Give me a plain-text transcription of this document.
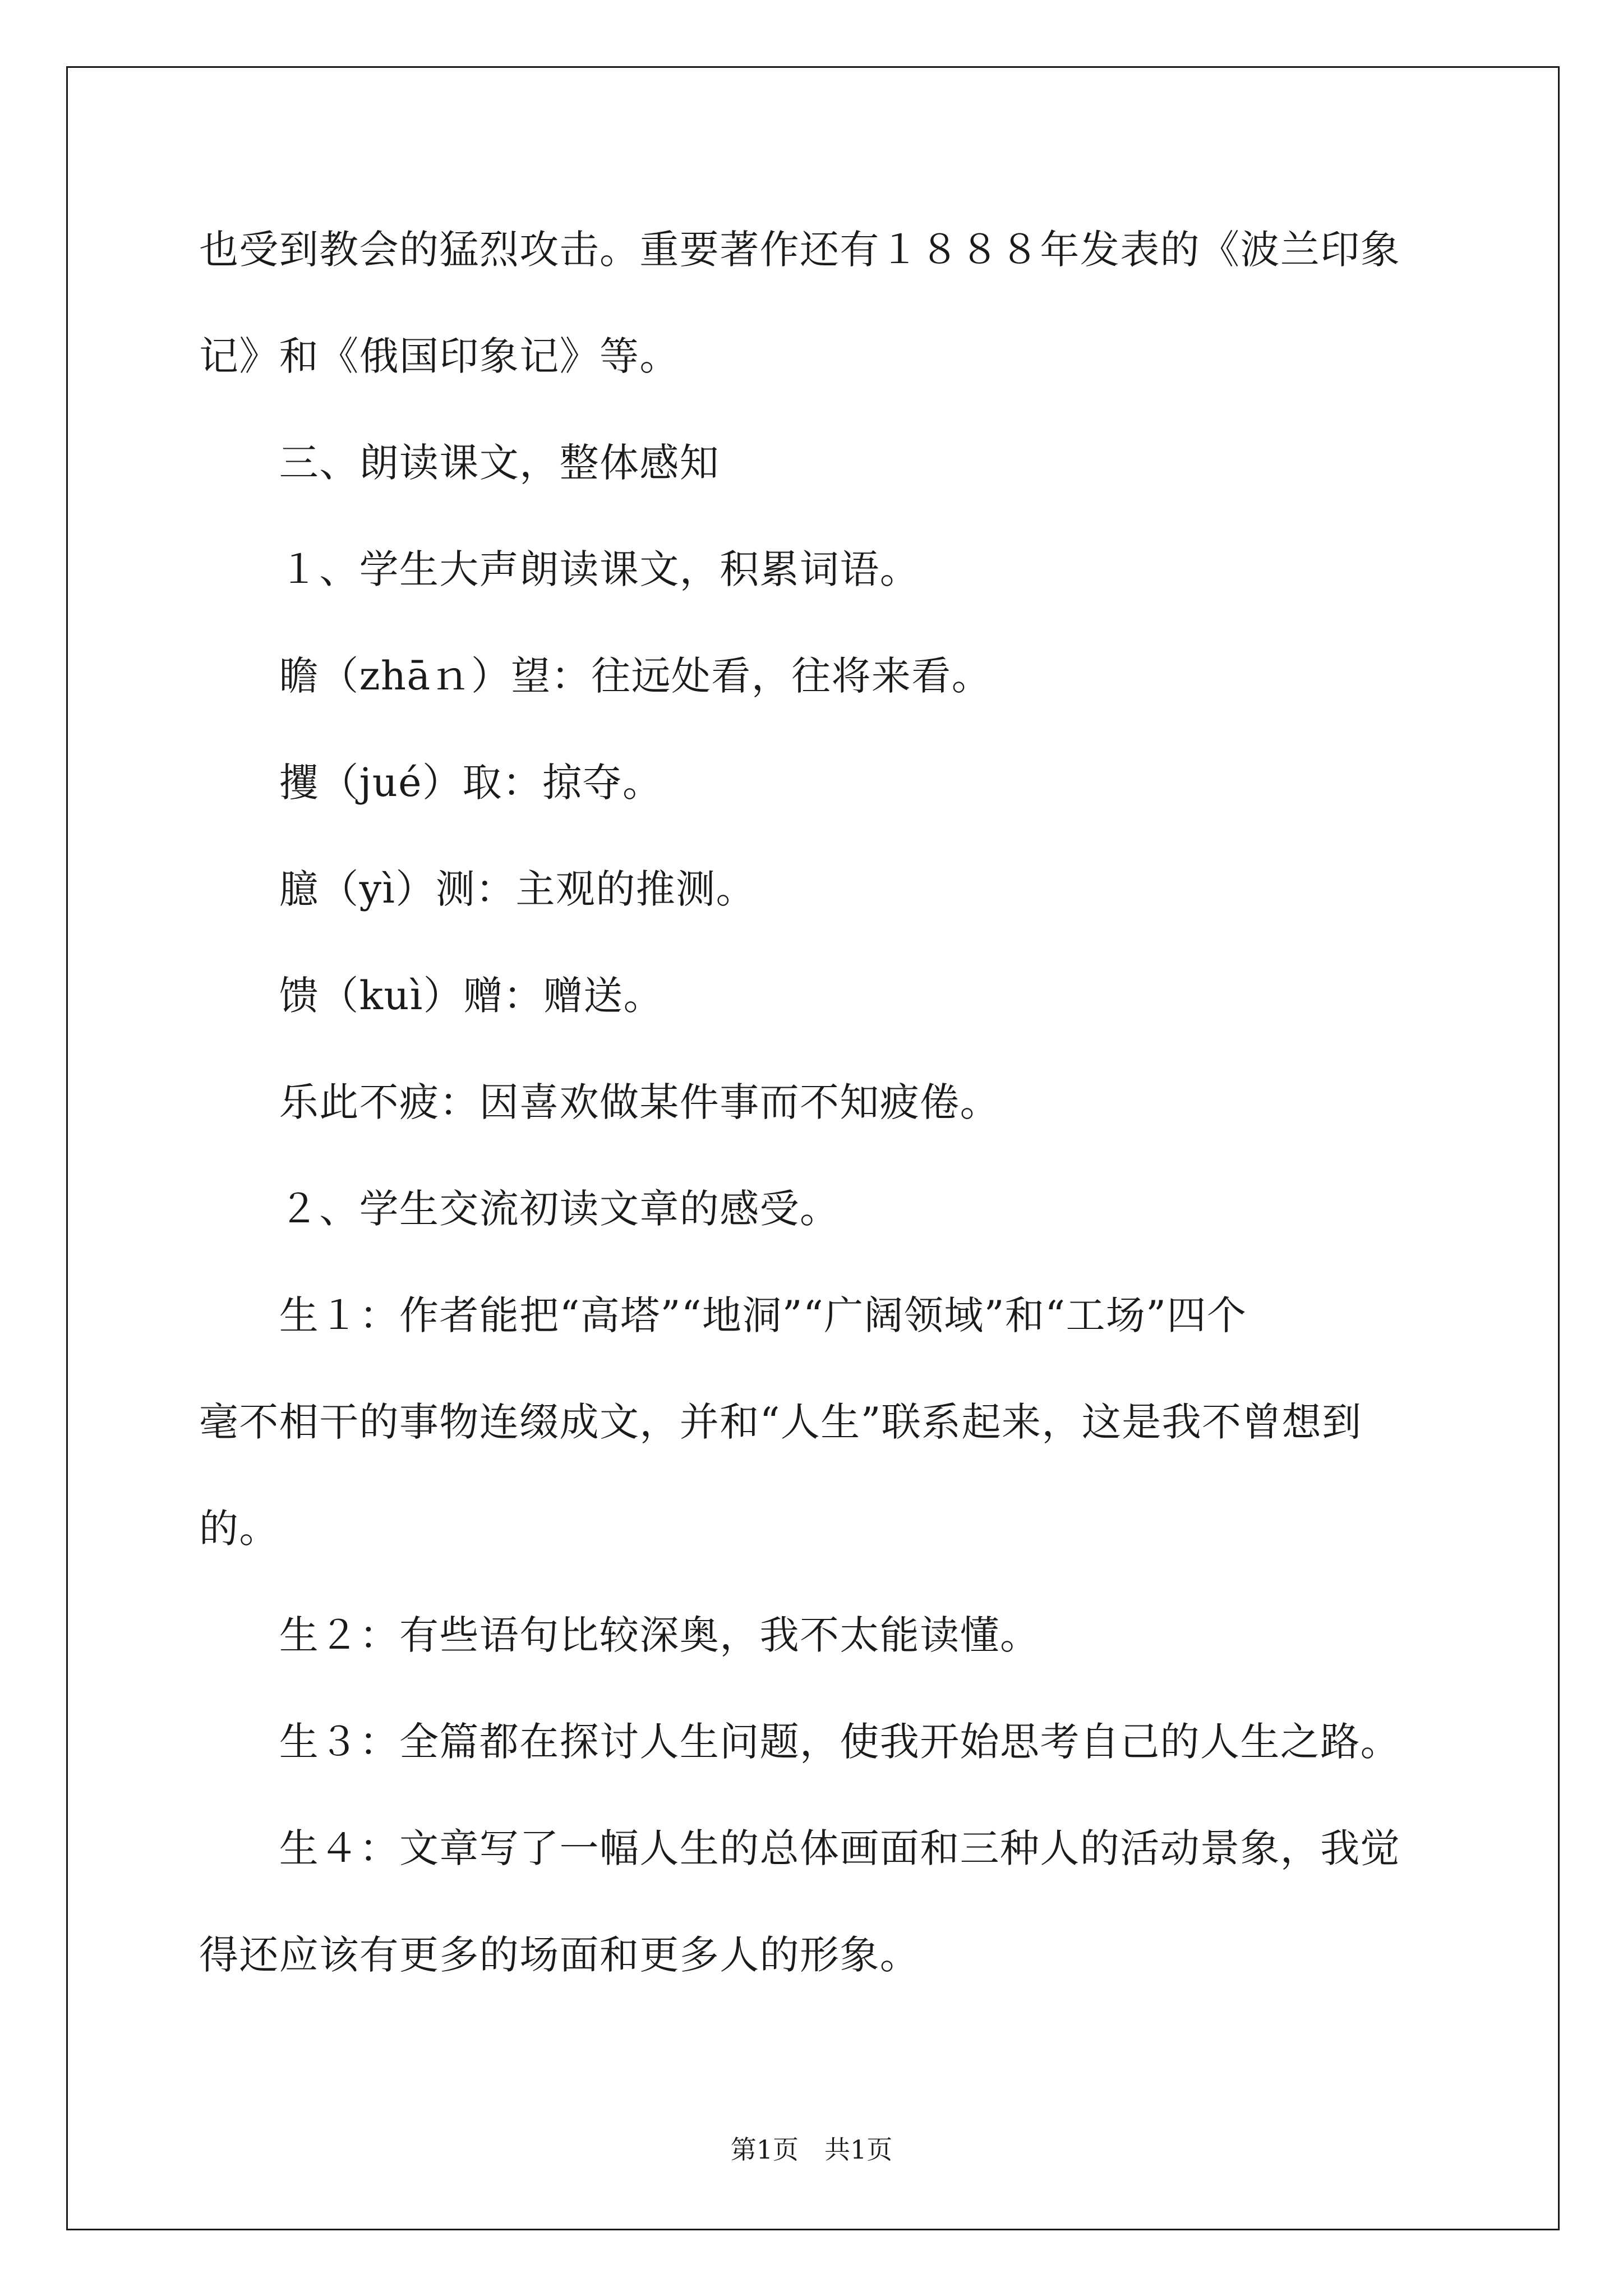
也受到教会的猛烈攻击。重要著作还有１８８８年发表的《波兰印象
记》和《俄国印象记》等。
　　三、朗读课文，整体感知
　　１、学生大声朗读课文，积累词语。
　　瞻（zhāｎ）望：往远处看，往将来看。
　　攫（jué）取：掠夺。
　　臆（yì）测：主观的推测。
　　馈（kuì）赠：赠送。
　　乐此不疲：因喜欢做某件事而不知疲倦。
　　２、学生交流初读文章的感受。
　　生１：作者能把“高塔”“地洞”“广阔领域”和“工场”四个
毫不相干的事物连缀成文，并和“人生”联系起来，这是我不曾想到
的。
　　生２：有些语句比较深奥，我不太能读懂。
　　生３：全篇都在探讨人生问题，使我开始思考自己的人生之路。
　　生４：文章写了一幅人生的总体画面和三种人的活动景象，我觉
得还应该有更多的场面和更多人的形象。
第1页　共1页
